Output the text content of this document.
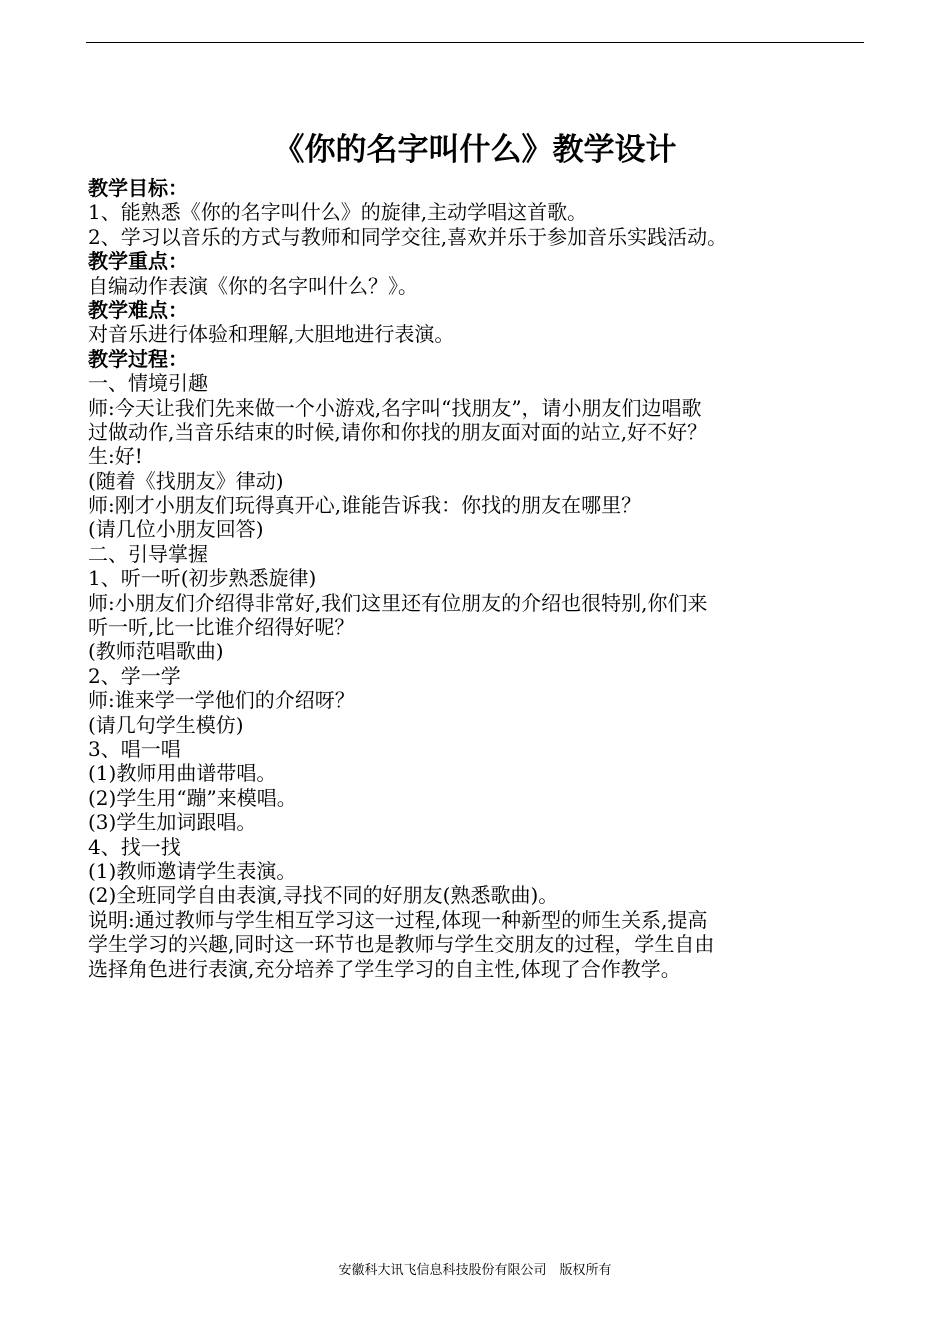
《你的名字叫什么》教学设计
教学目标：
1、能熟悉《你的名字叫什么》的旋律,主动学唱这首歌。
2、学习以音乐的方式与教师和同学交往,喜欢并乐于参加音乐实践活动。
教学重点：
自编动作表演《你的名字叫什么？》。
教学难点：
对音乐进行体验和理解,大胆地进行表演。
教学过程：
一、情境引趣
师:今天让我们先来做一个小游戏,名字叫“找朋友”，请小朋友们边唱歌
过做动作,当音乐结束的时候,请你和你找的朋友面对面的站立,好不好？
生:好!
(随着《找朋友》律动)
师:刚才小朋友们玩得真开心,谁能告诉我：你找的朋友在哪里？
(请几位小朋友回答)
二、引导掌握
1、听一听(初步熟悉旋律)
师:小朋友们介绍得非常好,我们这里还有位朋友的介绍也很特别,你们来
听一听,比一比谁介绍得好呢？
(教师范唱歌曲)
2、学一学
师:谁来学一学他们的介绍呀？
(请几句学生模仿)
3、唱一唱
(1)教师用曲谱带唱。
(2)学生用“蹦”来模唱。
(3)学生加词跟唱。
4、找一找
(1)教师邀请学生表演。
(2)全班同学自由表演,寻找不同的好朋友(熟悉歌曲)。
说明:通过教师与学生相互学习这一过程,体现一种新型的师生关系,提高
学生学习的兴趣,同时这一环节也是教师与学生交朋友的过程，学生自由
选择角色进行表演,充分培养了学生学习的自主性,体现了合作教学。
安徽科大讯飞信息科技股份有限公司　版权所有
